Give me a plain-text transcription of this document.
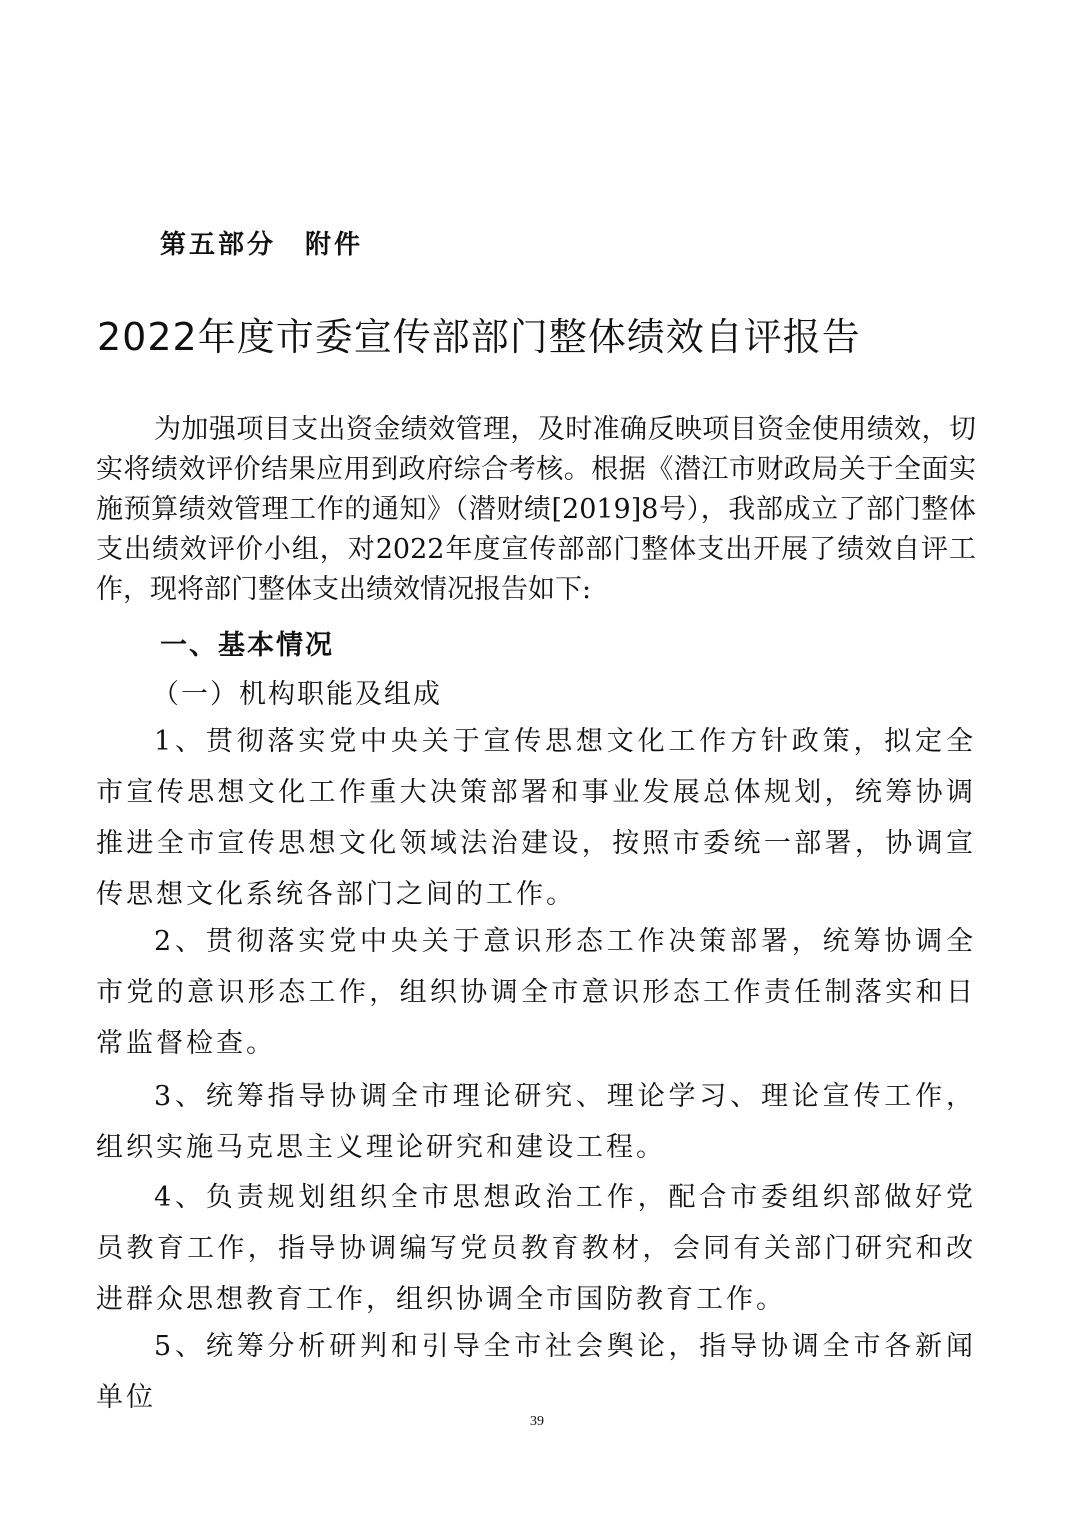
第五部分　附件
2022年度市委宣传部部门整体绩效自评报告

为加强项目支出资金绩效管理，及时准确反映项目资金使用绩效，切实将绩效评价结果应用到政府综合考核。根据《潜江市财政局关于全面实施预算绩效管理工作的通知》（潜财绩[2019]8号），我部成立了部门整体支出绩效评价小组，对2022年度宣传部部门整体支出开展了绩效自评工作，现将部门整体支出绩效情况报告如下:

一、基本情况

（一）机构职能及组成

1、贯彻落实党中央关于宣传思想文化工作方针政策，拟定全市宣传思想文化工作重大决策部署和事业发展总体规划，统筹协调推进全市宣传思想文化领域法治建设，按照市委统一部署，协调宣传思想文化系统各部门之间的工作。

2、贯彻落实党中央关于意识形态工作决策部署，统筹协调全市党的意识形态工作，组织协调全市意识形态工作责任制落实和日常监督检查。

3、统筹指导协调全市理论研究、理论学习、理论宣传工作，组织实施马克思主义理论研究和建设工程。

4、负责规划组织全市思想政治工作，配合市委组织部做好党员教育工作，指导协调编写党员教育教材，会同有关部门研究和改进群众思想教育工作，组织协调全市国防教育工作。

5、统筹分析研判和引导全市社会舆论，指导协调全市各新闻单位

39
